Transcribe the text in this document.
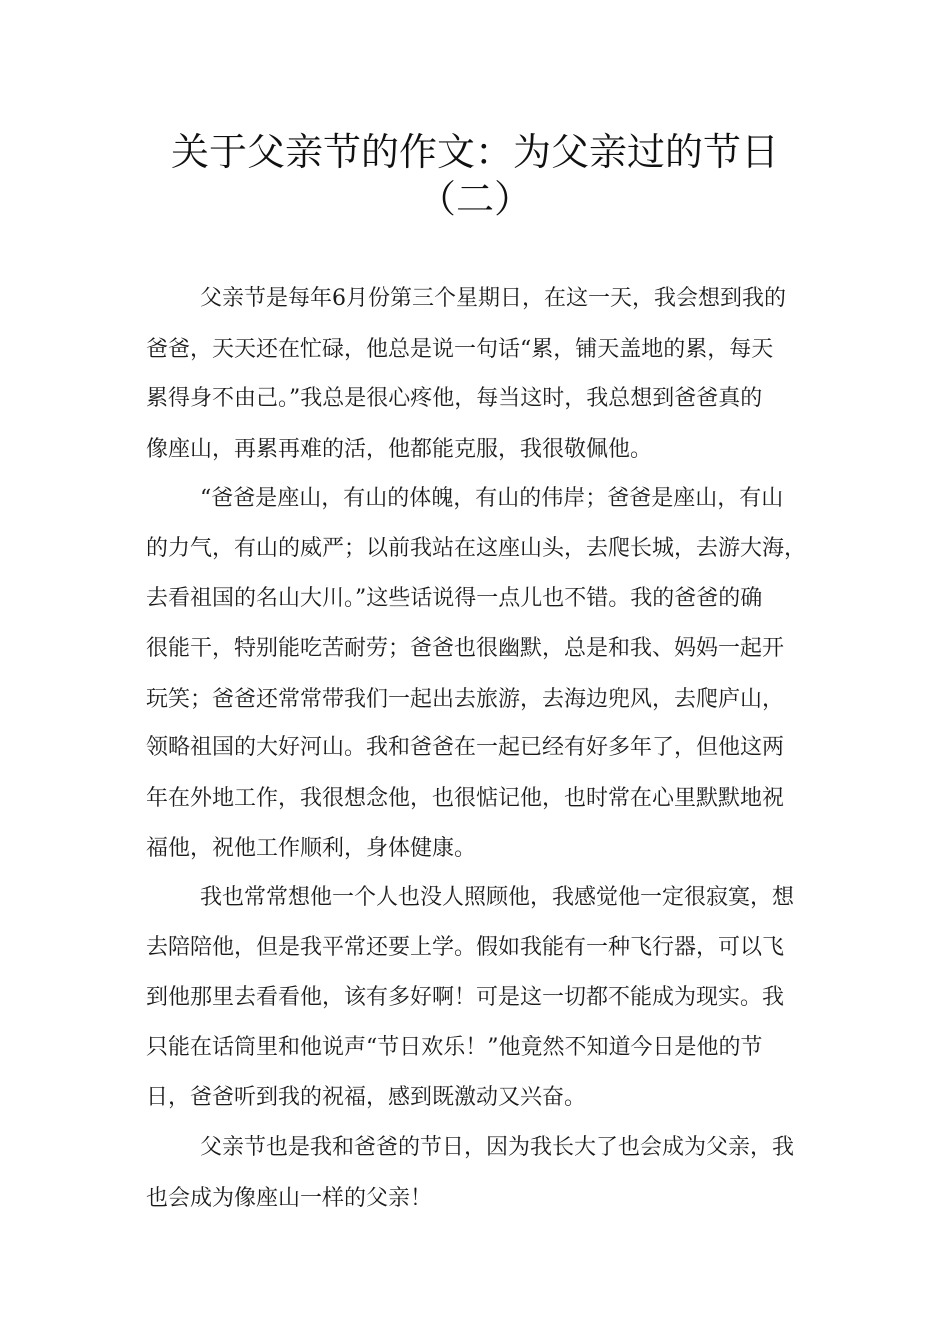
关于父亲节的作文：为父亲过的节日
（二）
父亲节是每年6月份第三个星期日，在这一天，我会想到我的
爸爸，天天还在忙碌，他总是说一句话“累，铺天盖地的累，每天
累得身不由己。”我总是很心疼他，每当这时，我总想到爸爸真的
像座山，再累再难的活，他都能克服，我很敬佩他。
“爸爸是座山，有山的体魄，有山的伟岸；爸爸是座山，有山
的力气，有山的威严；以前我站在这座山头，去爬长城，去游大海，
去看祖国的名山大川。”这些话说得一点儿也不错。我的爸爸的确
很能干，特别能吃苦耐劳；爸爸也很幽默，总是和我、妈妈一起开
玩笑；爸爸还常常带我们一起出去旅游，去海边兜风，去爬庐山，
领略祖国的大好河山。我和爸爸在一起已经有好多年了，但他这两
年在外地工作，我很想念他，也很惦记他，也时常在心里默默地祝
福他，祝他工作顺利，身体健康。
我也常常想他一个人也没人照顾他，我感觉他一定很寂寞，想
去陪陪他，但是我平常还要上学。假如我能有一种飞行器，可以飞
到他那里去看看他，该有多好啊！可是这一切都不能成为现实。我
只能在话筒里和他说声“节日欢乐！”他竟然不知道今日是他的节
日，爸爸听到我的祝福，感到既激动又兴奋。
父亲节也是我和爸爸的节日，因为我长大了也会成为父亲，我
也会成为像座山一样的父亲！
